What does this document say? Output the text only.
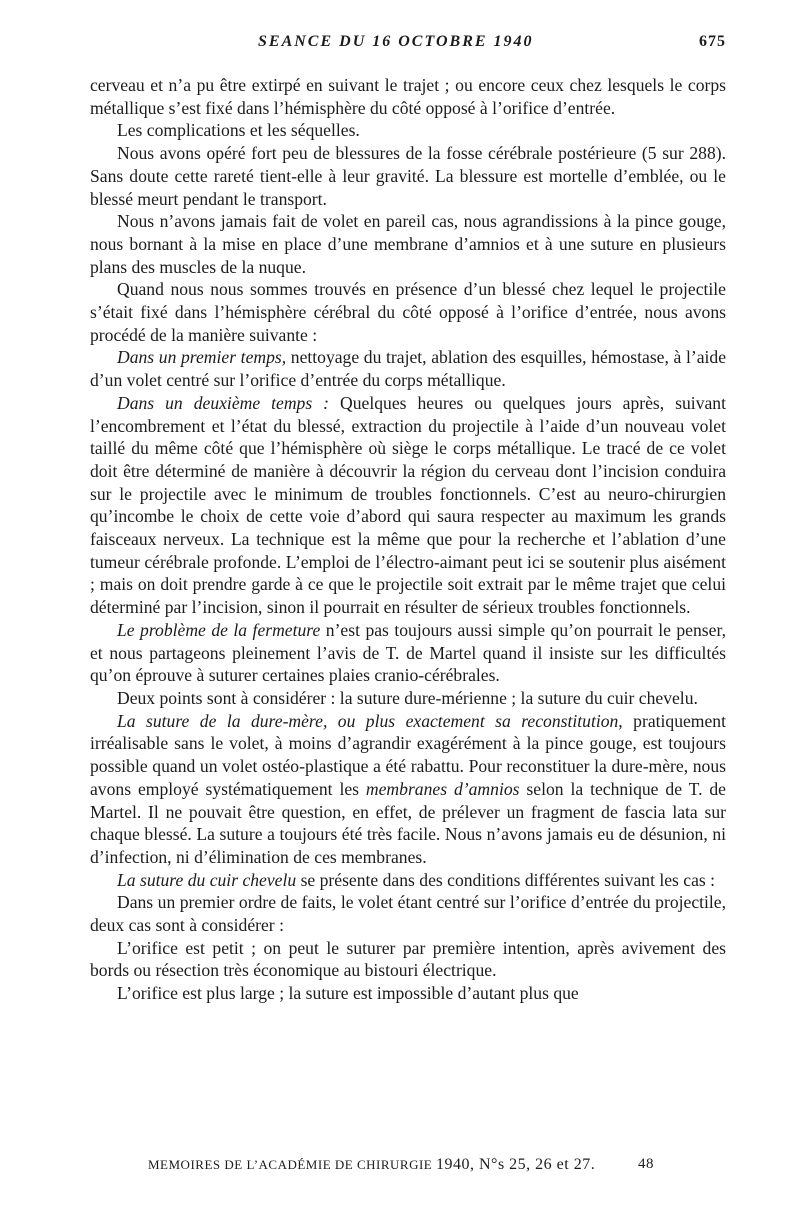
SEANCE DU 16 OCTOBRE 1940	675

cerveau et n’a pu être extirpé en suivant le trajet ; ou encore ceux chez lesquels le corps métallique s’est fixé dans l’hémisphère du côté opposé à l’orifice d’entrée.

Les complications et les séquelles.

Nous avons opéré fort peu de blessures de la fosse cérébrale postérieure (5 sur 288). Sans doute cette rareté tient-elle à leur gravité. La blessure est mortelle d’emblée, ou le blessé meurt pendant le transport.

Nous n’avons jamais fait de volet en pareil cas, nous agrandissions à la pince gouge, nous bornant à la mise en place d’une membrane d’amnios et à une suture en plusieurs plans des muscles de la nuque.

Quand nous nous sommes trouvés en présence d’un blessé chez lequel le projectile s’était fixé dans l’hémisphère cérébral du côté opposé à l’orifice d’entrée, nous avons procédé de la manière suivante :

Dans un premier temps, nettoyage du trajet, ablation des esquilles, hémostase, à l’aide d’un volet centré sur l’orifice d’entrée du corps métallique.

Dans un deuxième temps : Quelques heures ou quelques jours après, suivant l’encombrement et l’état du blessé, extraction du projectile à l’aide d’un nouveau volet taillé du même côté que l’hémisphère où siège le corps métallique. Le tracé de ce volet doit être déterminé de manière à découvrir la région du cerveau dont l’incision conduira sur le projectile avec le minimum de troubles fonctionnels. C’est au neuro-chirurgien qu’incombe le choix de cette voie d’abord qui saura respecter au maximum les grands faisceaux nerveux. La technique est la même que pour la recherche et l’ablation d’une tumeur cérébrale profonde. L’emploi de l’électro-aimant peut ici se soutenir plus aisément ; mais on doit prendre garde à ce que le projectile soit extrait par le même trajet que celui déterminé par l’incision, sinon il pourrait en résulter de sérieux troubles fonctionnels.

Le problème de la fermeture n’est pas toujours aussi simple qu’on pourrait le penser, et nous partageons pleinement l’avis de T. de Martel quand il insiste sur les difficultés qu’on éprouve à suturer certaines plaies cranio-cérébrales.

Deux points sont à considérer : la suture dure-mérienne ; la suture du cuir chevelu.

La suture de la dure-mère, ou plus exactement sa reconstitution, pratiquement irréalisable sans le volet, à moins d’agrandir exagérément à la pince gouge, est toujours possible quand un volet ostéo-plastique a été rabattu. Pour reconstituer la dure-mère, nous avons employé systématiquement les membranes d’amnios selon la technique de T. de Martel. Il ne pouvait être question, en effet, de prélever un fragment de fascia lata sur chaque blessé. La suture a toujours été très facile. Nous n’avons jamais eu de désunion, ni d’infection, ni d’élimination de ces membranes.

La suture du cuir chevelu se présente dans des conditions différentes suivant les cas :

Dans un premier ordre de faits, le volet étant centré sur l’orifice d’entrée du projectile, deux cas sont à considérer :

L’orifice est petit ; on peut le suturer par première intention, après avivement des bords ou résection très économique au bistouri électrique.

L’orifice est plus large ; la suture est impossible d’autant plus que

MEMOIRES DE L’ACADÉMIE DE CHIRURGIE 1940, N°s 25, 26 et 27.	48
